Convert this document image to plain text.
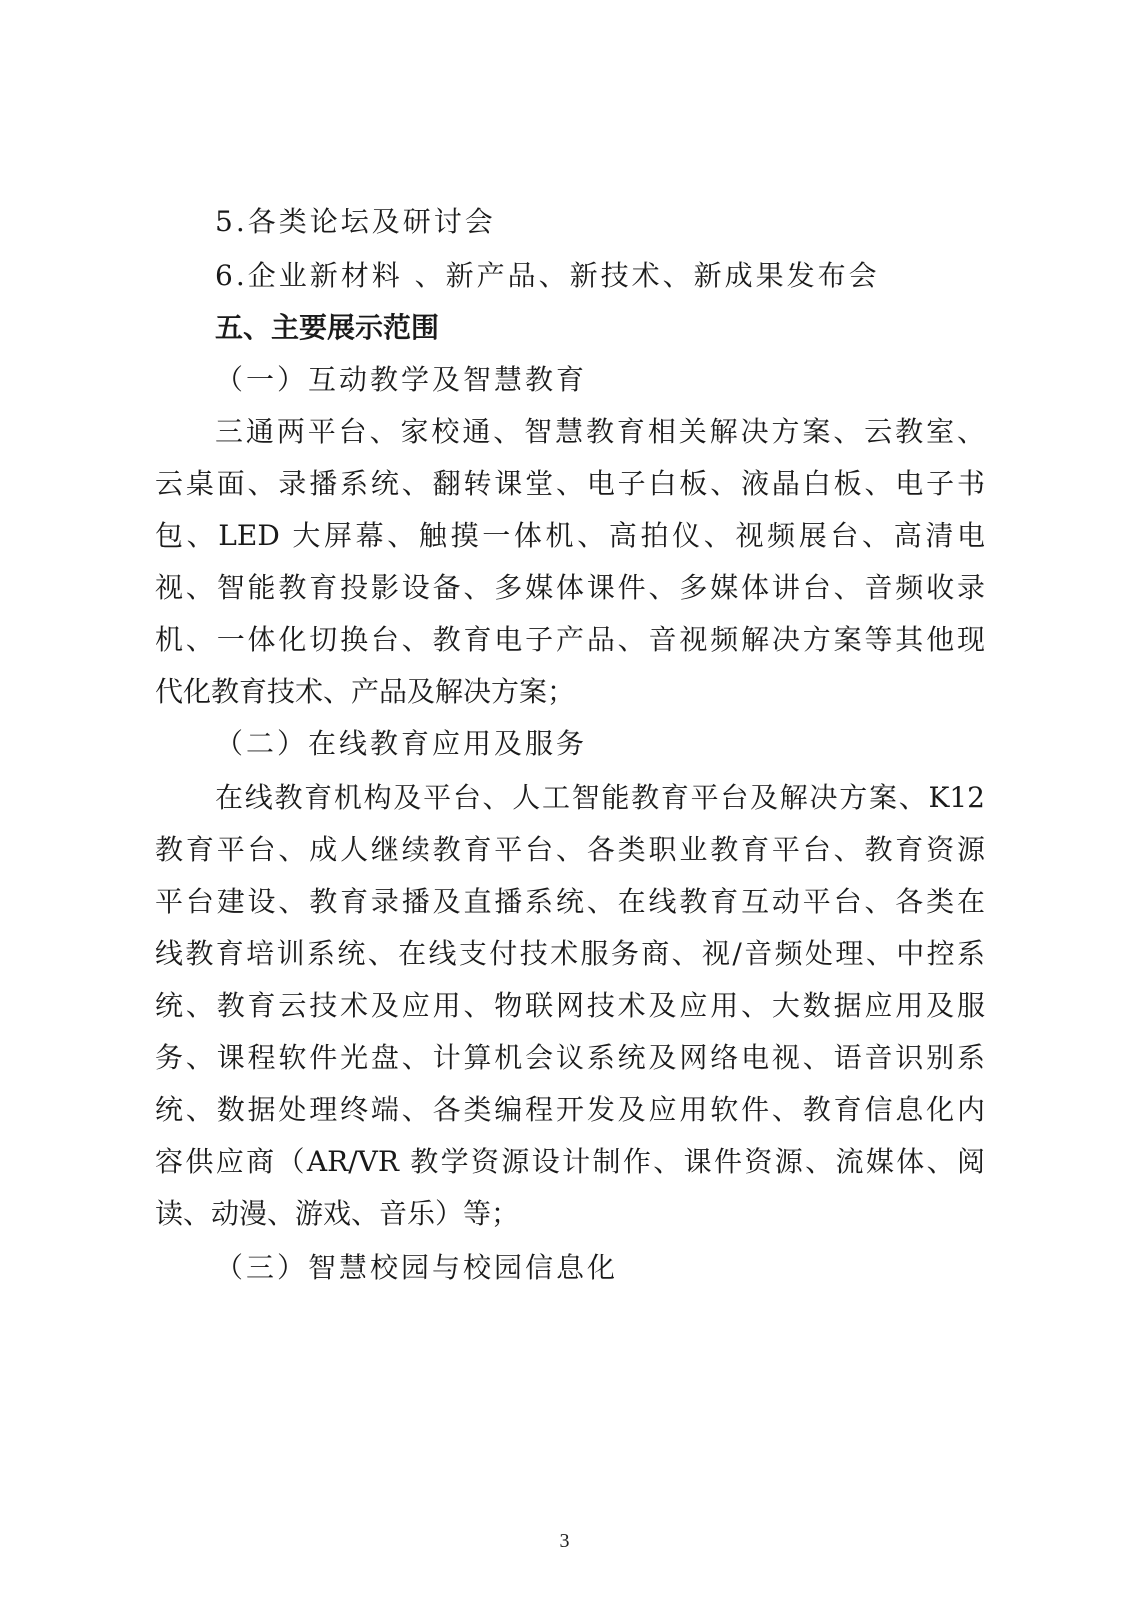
5.各类论坛及研讨会
6.企业新材料 、新产品、新技术、新成果发布会
五、主要展示范围
（一）互动教学及智慧教育
三通两平台、家校通、智慧教育相关解决方案、云教室、
云桌面、录播系统、翻转课堂、电子白板、液晶白板、电子书
包、LED 大屏幕、触摸一体机、高拍仪、视频展台、高清电
视、智能教育投影设备、多媒体课件、多媒体讲台、音频收录
机、一体化切换台、教育电子产品、音视频解决方案等其他现
代化教育技术、产品及解决方案；
（二）在线教育应用及服务
在线教育机构及平台、人工智能教育平台及解决方案、K12
教育平台、成人继续教育平台、各类职业教育平台、教育资源
平台建设、教育录播及直播系统、在线教育互动平台、各类在
线教育培训系统、在线支付技术服务商、视/音频处理、中控系
统、教育云技术及应用、物联网技术及应用、大数据应用及服
务、课程软件光盘、计算机会议系统及网络电视、语音识别系
统、数据处理终端、各类编程开发及应用软件、教育信息化内
容供应商（AR/VR 教学资源设计制作、课件资源、流媒体、阅
读、动漫、游戏、音乐）等；
（三）智慧校园与校园信息化
3
